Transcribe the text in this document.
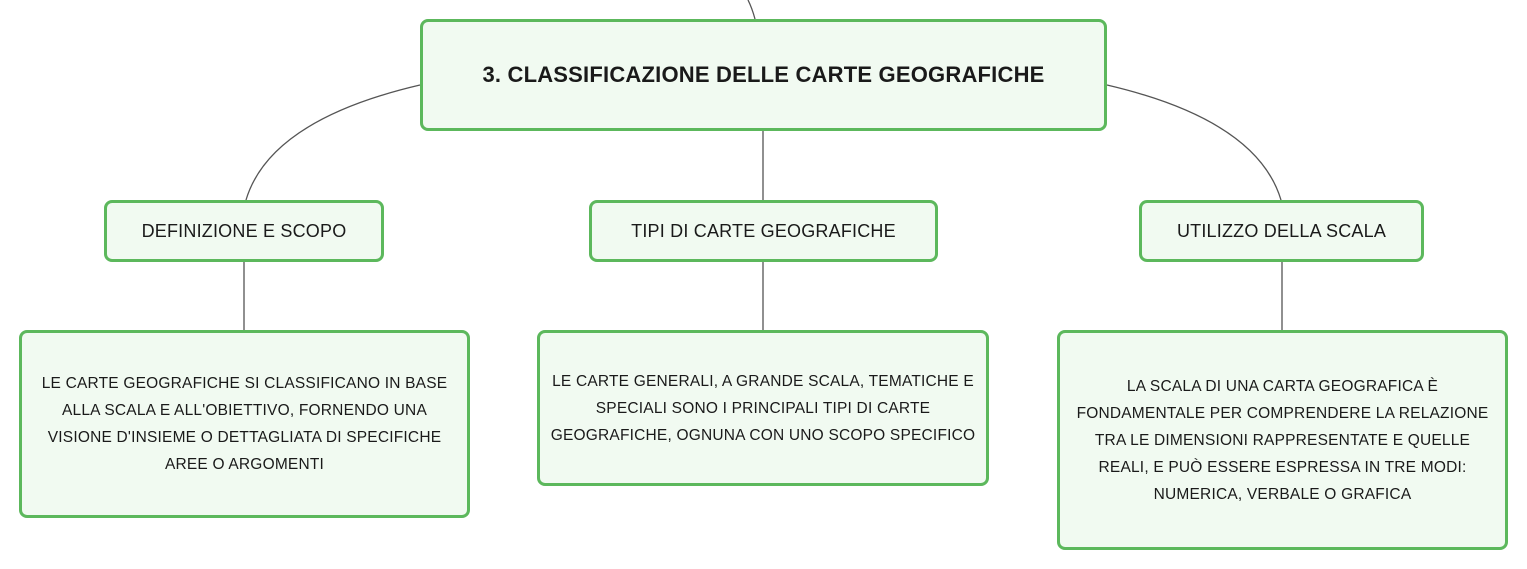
3. CLASSIFICAZIONE DELLE CARTE GEOGRAFICHE
DEFINIZIONE E SCOPO	TIPI DI CARTE GEOGRAFICHE	UTILIZZO DELLA SCALA
LE CARTE GEOGRAFICHE SI CLASSIFICANO IN BASE ALLA SCALA E ALL'OBIETTIVO, FORNENDO UNA VISIONE D'INSIEME O DETTAGLIATA DI SPECIFICHE AREE O ARGOMENTI
LE CARTE GENERALI, A GRANDE SCALA, TEMATICHE E SPECIALI SONO I PRINCIPALI TIPI DI CARTE GEOGRAFICHE, OGNUNA CON UNO SCOPO SPECIFICO
LA SCALA DI UNA CARTA GEOGRAFICA È FONDAMENTALE PER COMPRENDERE LA RELAZIONE TRA LE DIMENSIONI RAPPRESENTATE E QUELLE REALI, E PUÒ ESSERE ESPRESSA IN TRE MODI: NUMERICA, VERBALE O GRAFICA
